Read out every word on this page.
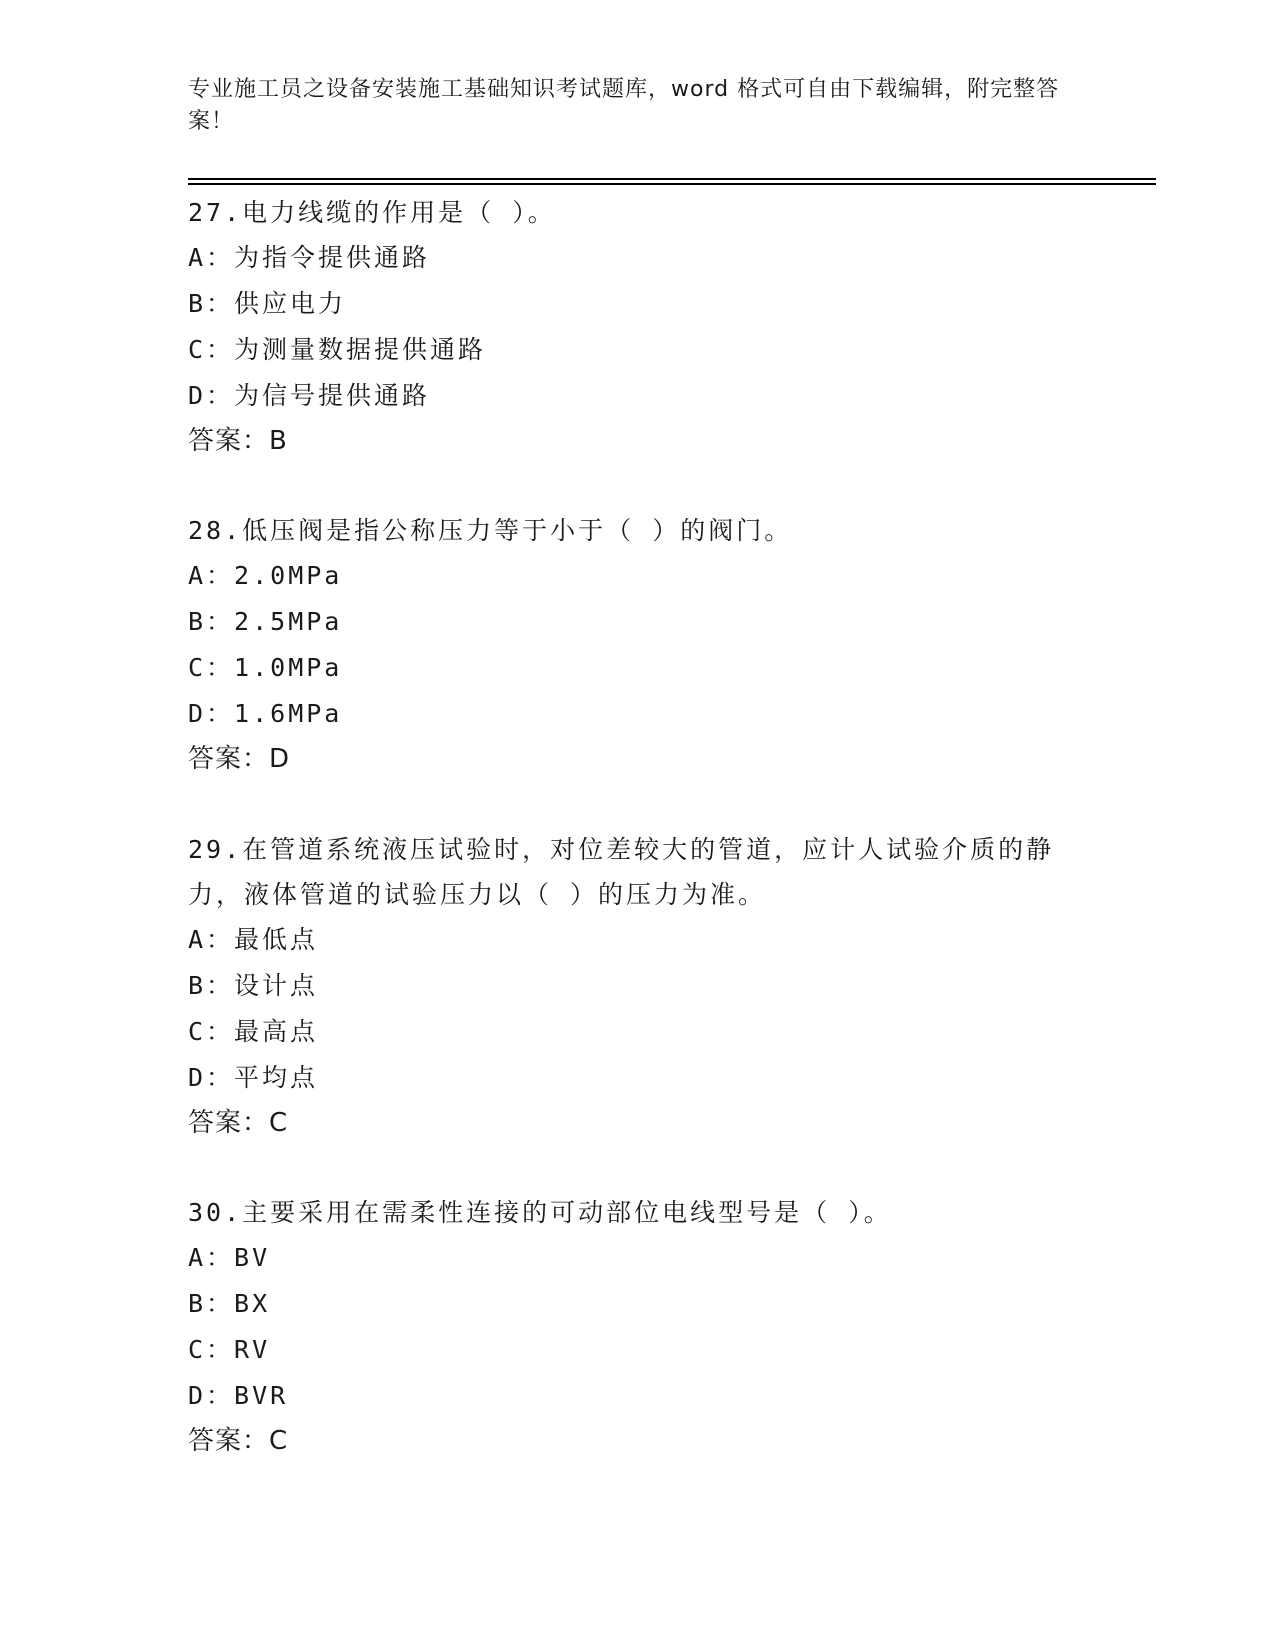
专业施工员之设备安装施工基础知识考试题库，word 格式可自由下载编辑，附完整答案！

27.电力线缆的作用是（ ）。

A：为指令提供通路

B：供应电力

C：为测量数据提供通路

D：为信号提供通路

答案：B

28.低压阀是指公称压力等于小于（ ）的阀门。

A：2.0MPa

B：2.5MPa

C：1.0MPa

D：1.6MPa

答案：D

29.在管道系统液压试验时，对位差较大的管道，应计人试验介质的静力，液体管道的试验压力以（ ）的压力为准。

A：最低点

B：设计点

C：最高点

D：平均点

答案：C

30.主要采用在需柔性连接的可动部位电线型号是（ ）。

A：BV

B：BX

C：RV

D：BVR

答案：C
